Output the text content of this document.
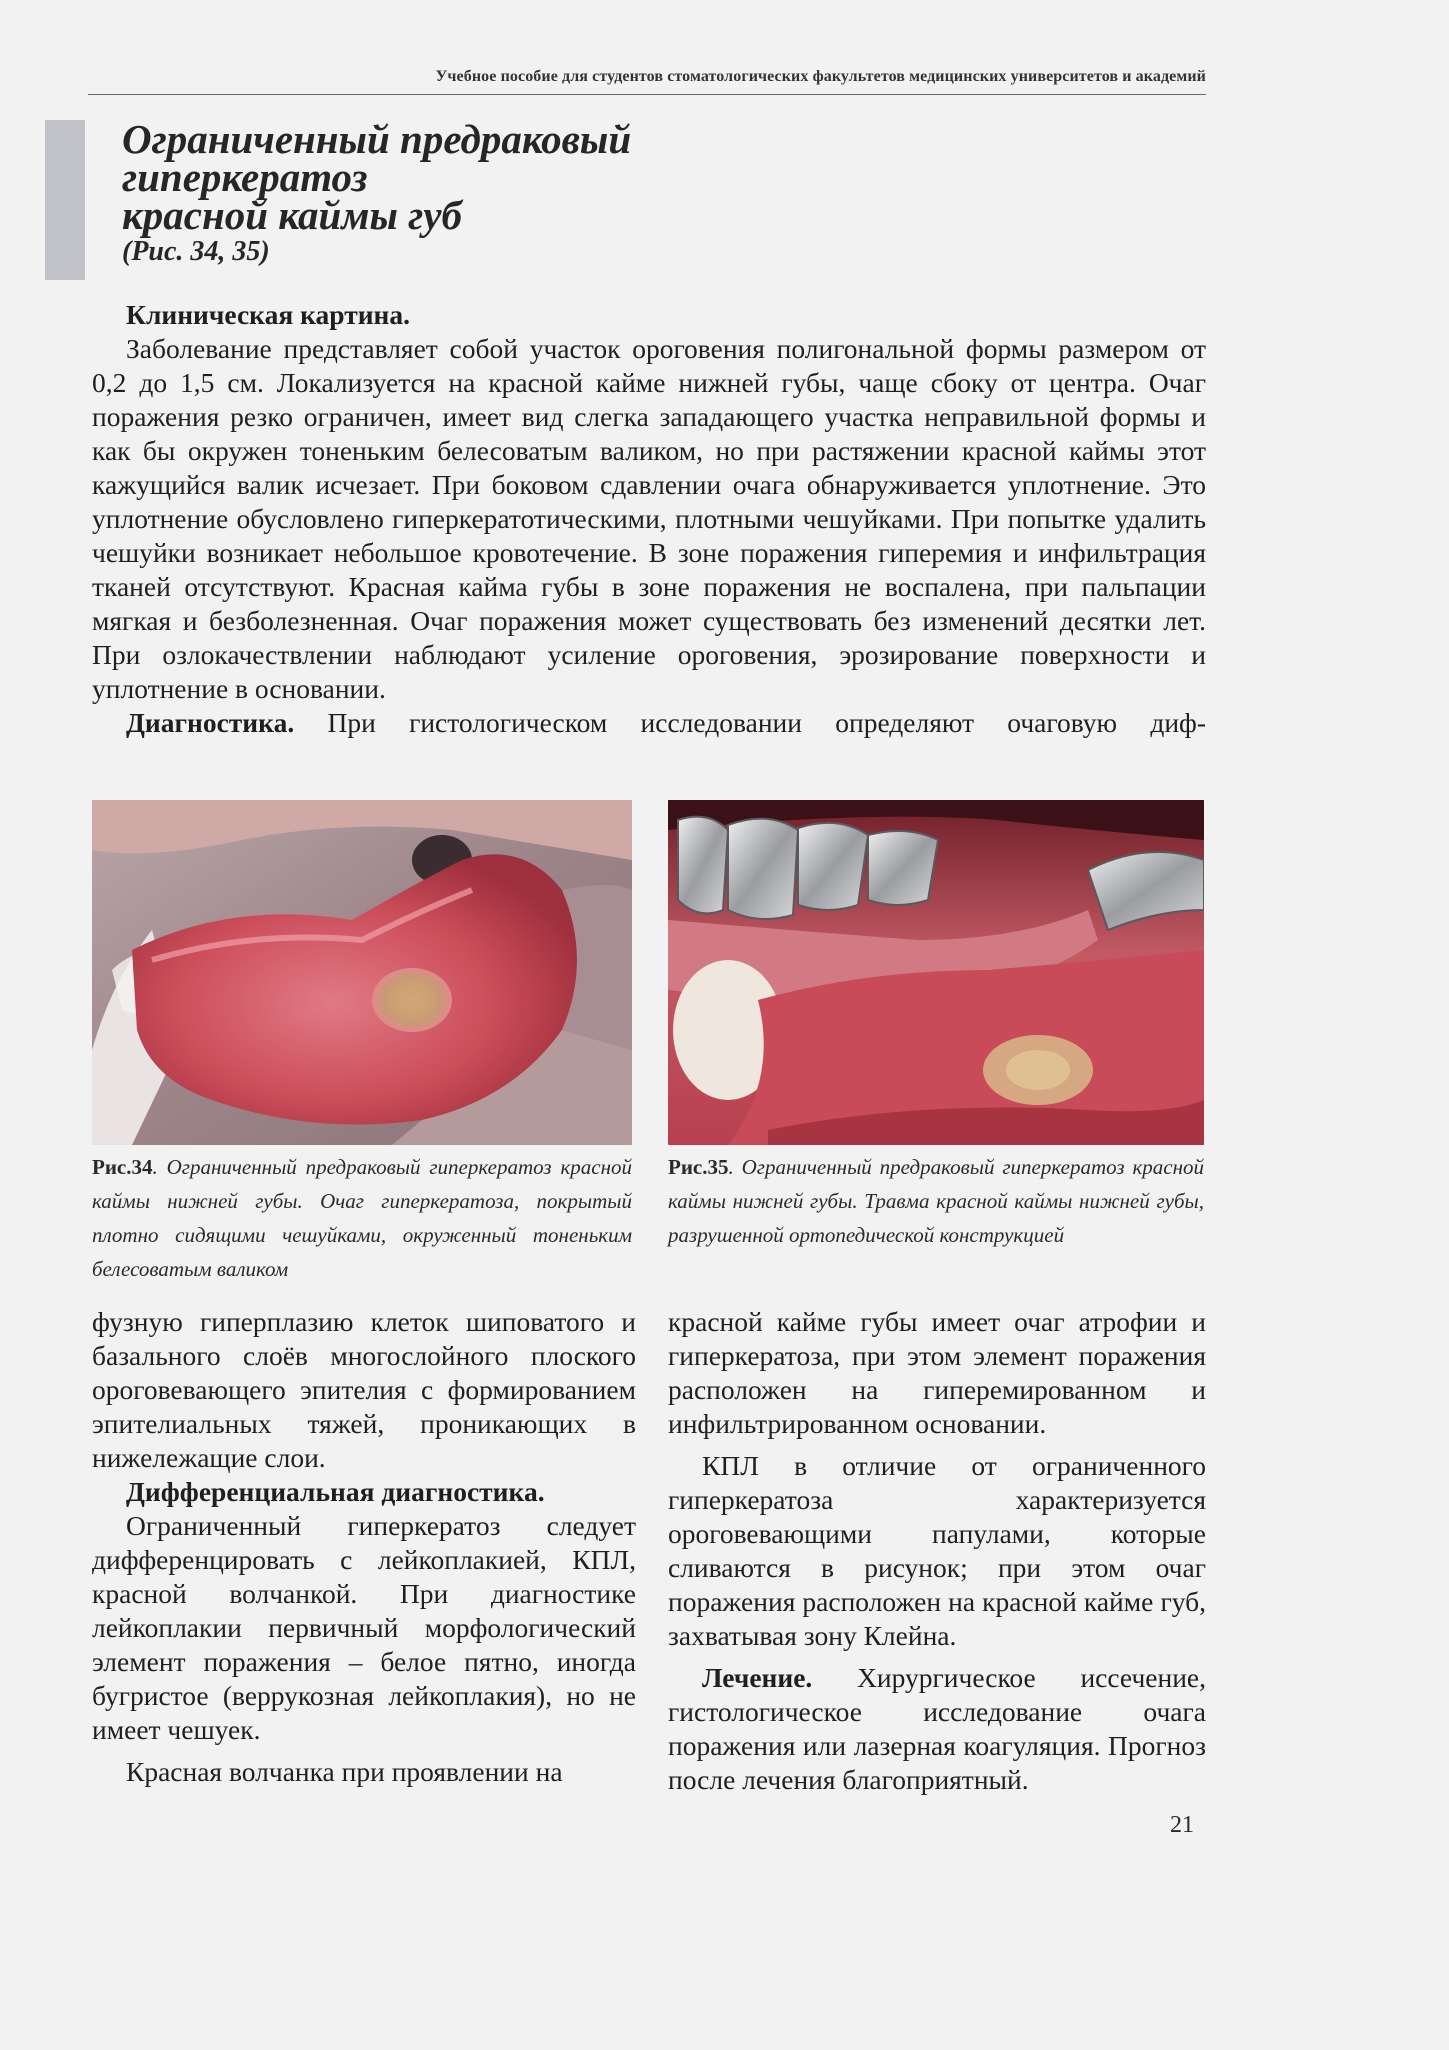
Учебное пособие для студентов стоматологических факультетов медицинских университетов и академий
Ограниченный предраковый
гиперкератоз
красной каймы губ
(Рис. 34, 35)

Клиническая картина.

Заболевание представляет собой участок ороговения полигональной формы размером от 0,2 до 1,5 см. Локализуется на красной кайме нижней губы, чаще сбоку от центра. Очаг поражения резко ограничен, имеет вид слегка западающего участка неправильной формы и как бы окружен тоненьким белесоватым валиком, но при растяжении красной каймы этот кажущийся валик исчезает. При боковом сдавлении очага обнаруживается уплотнение. Это уплотнение обусловлено гиперкератотическими, плотными чешуйками. При попытке удалить чешуйки возникает небольшое кровотечение. В зоне поражения гиперемия и инфильтрация тканей отсутствуют. Красная кайма губы в зоне поражения не воспалена, при пальпации мягкая и безболезненная. Очаг поражения может существовать без изменений десятки лет. При озлокачествлении наблюдают усиление ороговения, эрозирование поверхности и уплотнение в основании.

Диагностика. При гистологическом исследовании определяют очаговую диф-

Рис.34. Ограниченный предраковый гиперкератоз красной каймы нижней губы. Очаг гиперкератоза, покрытый плотно сидящими чешуйками, окруженный тоненьким белесоватым валиком
Рис.35. Ограниченный предраковый гиперкератоз красной каймы нижней губы. Травма красной каймы нижней губы, разрушенной ортопедической конструкцией

фузную гиперплазию клеток шиповатого и базального слоёв многослойного плоского ороговевающего эпителия с формированием эпителиальных тяжей, проникающих в нижележащие слои.

Дифференциальная диагностика.

Ограниченный гиперкератоз следует дифференцировать с лейкоплакией, КПЛ, красной волчанкой. При диагностике лейкоплакии первичный морфологический элемент поражения – белое пятно, иногда бугристое (веррукозная лейкоплакия), но не имеет чешуек.

Красная волчанка при проявлении на

красной кайме губы имеет очаг атрофии и гиперкератоза, при этом элемент поражения расположен на гиперемированном и инфильтрированном основании.

КПЛ в отличие от ограниченного гиперкератоза характеризуется ороговевающими папулами, которые сливаются в рисунок; при этом очаг поражения расположен на красной кайме губ, захватывая зону Клейна.

Лечение. Хирургическое иссечение, гистологическое исследование очага поражения или лазерная коагуляция. Прогноз после лечения благоприятный.

21
